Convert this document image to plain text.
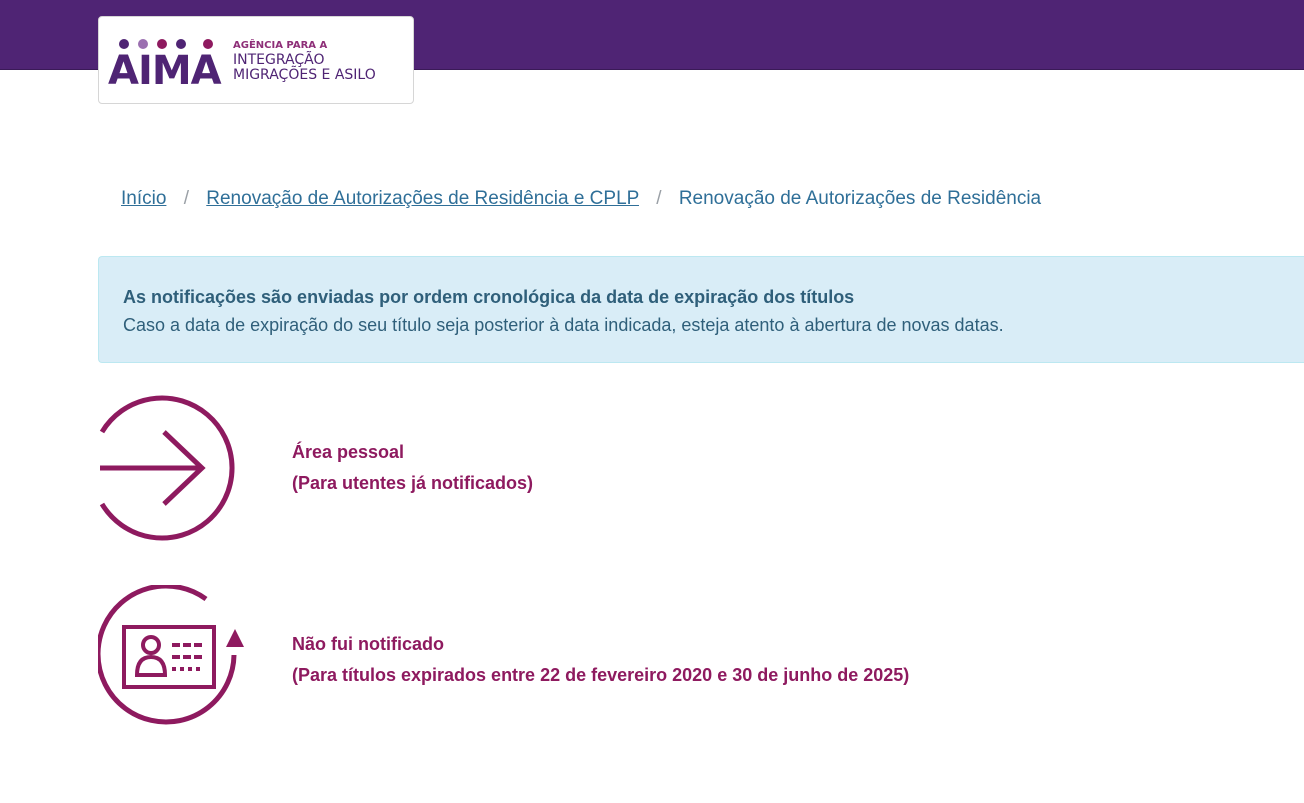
AIMA
AGÊNCIA PARA A
INTEGRAÇÃO
MIGRAÇÕES E ASILO
Início / Renovação de Autorizações de Residência e CPLP / Renovação de Autorizações de Residência
As notificações são enviadas por ordem cronológica da data de expiração dos títulos
Caso a data de expiração do seu título seja posterior à data indicada, esteja atento à abertura de novas datas.
Área pessoal
(Para utentes já notificados)
Não fui notificado
(Para títulos expirados entre 22 de fevereiro 2020 e 30 de junho de 2025)
